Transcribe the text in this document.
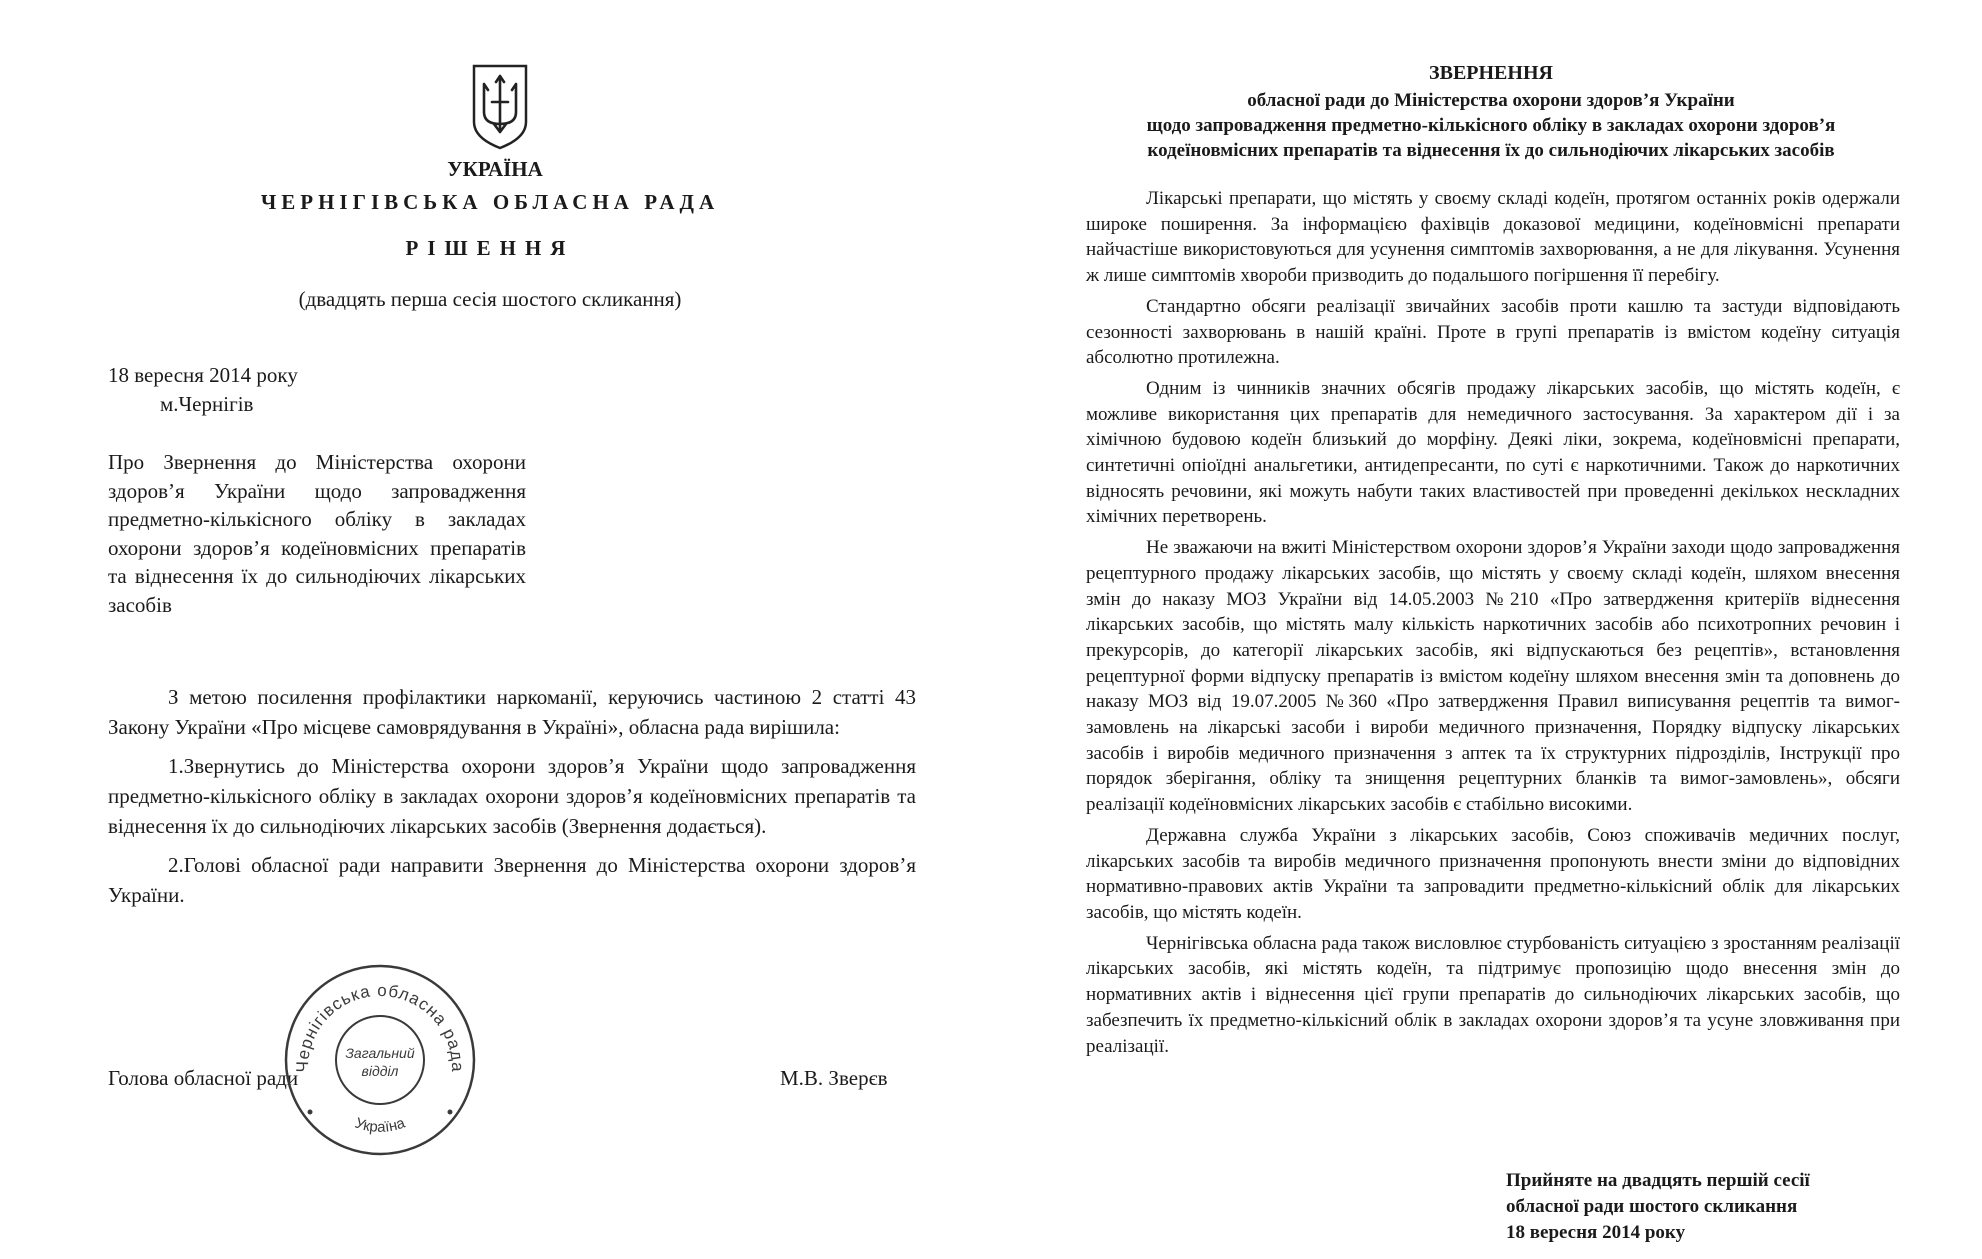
УКРАЇНА
ЧЕРНІГІВСЬКА ОБЛАСНА РАДА
РІШЕННЯ
(двадцять перша сесія шостого скликання)
18 вересня 2014 року
м.Чернігів
Про Звернення до Міністерства охорони здоров’я України щодо запровадження предметно-кількісного обліку в закладах охорони здоров’я кодеїновмісних препаратів та віднесення їх до сильнодіючих лікарських засобів

З метою посилення профілактики наркоманії, керуючись частиною 2 статті 43 Закону України «Про місцеве самоврядування в Україні», обласна рада вирішила:

1.Звернутись до Міністерства охорони здоров’я України щодо запровадження предметно-кількісного обліку в закладах охорони здоров’я кодеїновмісних препаратів та віднесення їх до сильнодіючих лікарських засобів (Звернення додається).

2.Голові обласної ради направити Звернення до Міністерства охорони здоров’я України.

Голова обласної ради	М.В. Зверєв
Чернігівська обласна рада
Україна
Загальний
відділ
ЗВЕРНЕННЯ
обласної ради до Міністерства охорони здоров’я України
щодо запровадження предметно-кількісного обліку в закладах охорони здоров’я
кодеїновмісних препаратів та віднесення їх до сильнодіючих лікарських засобів

Лікарські препарати, що містять у своєму складі кодеїн, протягом останніх років одержали широке поширення. За інформацією фахівців доказової медицини, кодеїновмісні препарати найчастіше використовуються для усунення симптомів захворювання, а не для лікування. Усунення ж лише симптомів хвороби призводить до подальшого погіршення її перебігу.

Стандартно обсяги реалізації звичайних засобів проти кашлю та застуди відповідають сезонності захворювань в нашій країні. Проте в групі препаратів із вмістом кодеїну ситуація абсолютно протилежна.

Одним із чинників значних обсягів продажу лікарських засобів, що містять кодеїн, є можливе використання цих препаратів для немедичного застосування. За характером дії і за хімічною будовою кодеїн близький до морфіну. Деякі ліки, зокрема, кодеїновмісні препарати, синтетичні опіоїдні анальгетики, антидепресанти, по суті є наркотичними. Також до наркотичних відносять речовини, які можуть набути таких властивостей при проведенні декількох нескладних хімічних перетворень.

Не зважаючи на вжиті Міністерством охорони здоров’я України заходи щодо запровадження рецептурного продажу лікарських засобів, що містять у своєму складі кодеїн, шляхом внесення змін до наказу МОЗ України від 14.05.2003 №210 «Про затвердження критеріїв віднесення лікарських засобів, що містять малу кількість наркотичних засобів або психотропних речовин і прекурсорів, до категорії лікарських засобів, які відпускаються без рецептів», встановлення рецептурної форми відпуску препаратів із вмістом кодеїну шляхом внесення змін та доповнень до наказу МОЗ від 19.07.2005 №360 «Про затвердження Правил виписування рецептів та вимог-замовлень на лікарські засоби і вироби медичного призначення, Порядку відпуску лікарських засобів і виробів медичного призначення з аптек та їх структурних підрозділів, Інструкції про порядок зберігання, обліку та знищення рецептурних бланків та вимог-замовлень», обсяги реалізації кодеїновмісних лікарських засобів є стабільно високими.

Державна служба України з лікарських засобів, Союз споживачів медичних послуг, лікарських засобів та виробів медичного призначення пропонують внести зміни до відповідних нормативно-правових актів України та запровадити предметно-кількісний облік для лікарських засобів, що містять кодеїн.

Чернігівська обласна рада також висловлює стурбованість ситуацією з зростанням реалізації лікарських засобів, які містять кодеїн, та підтримує пропозицію щодо внесення змін до нормативних актів і віднесення цієї групи препаратів до сильнодіючих лікарських засобів, що забезпечить їх предметно-кількісний облік в закладах охорони здоров’я та усуне зловживання при реалізації.

Прийняте на двадцять першій сесії
обласної ради шостого скликання
18 вересня 2014 року
